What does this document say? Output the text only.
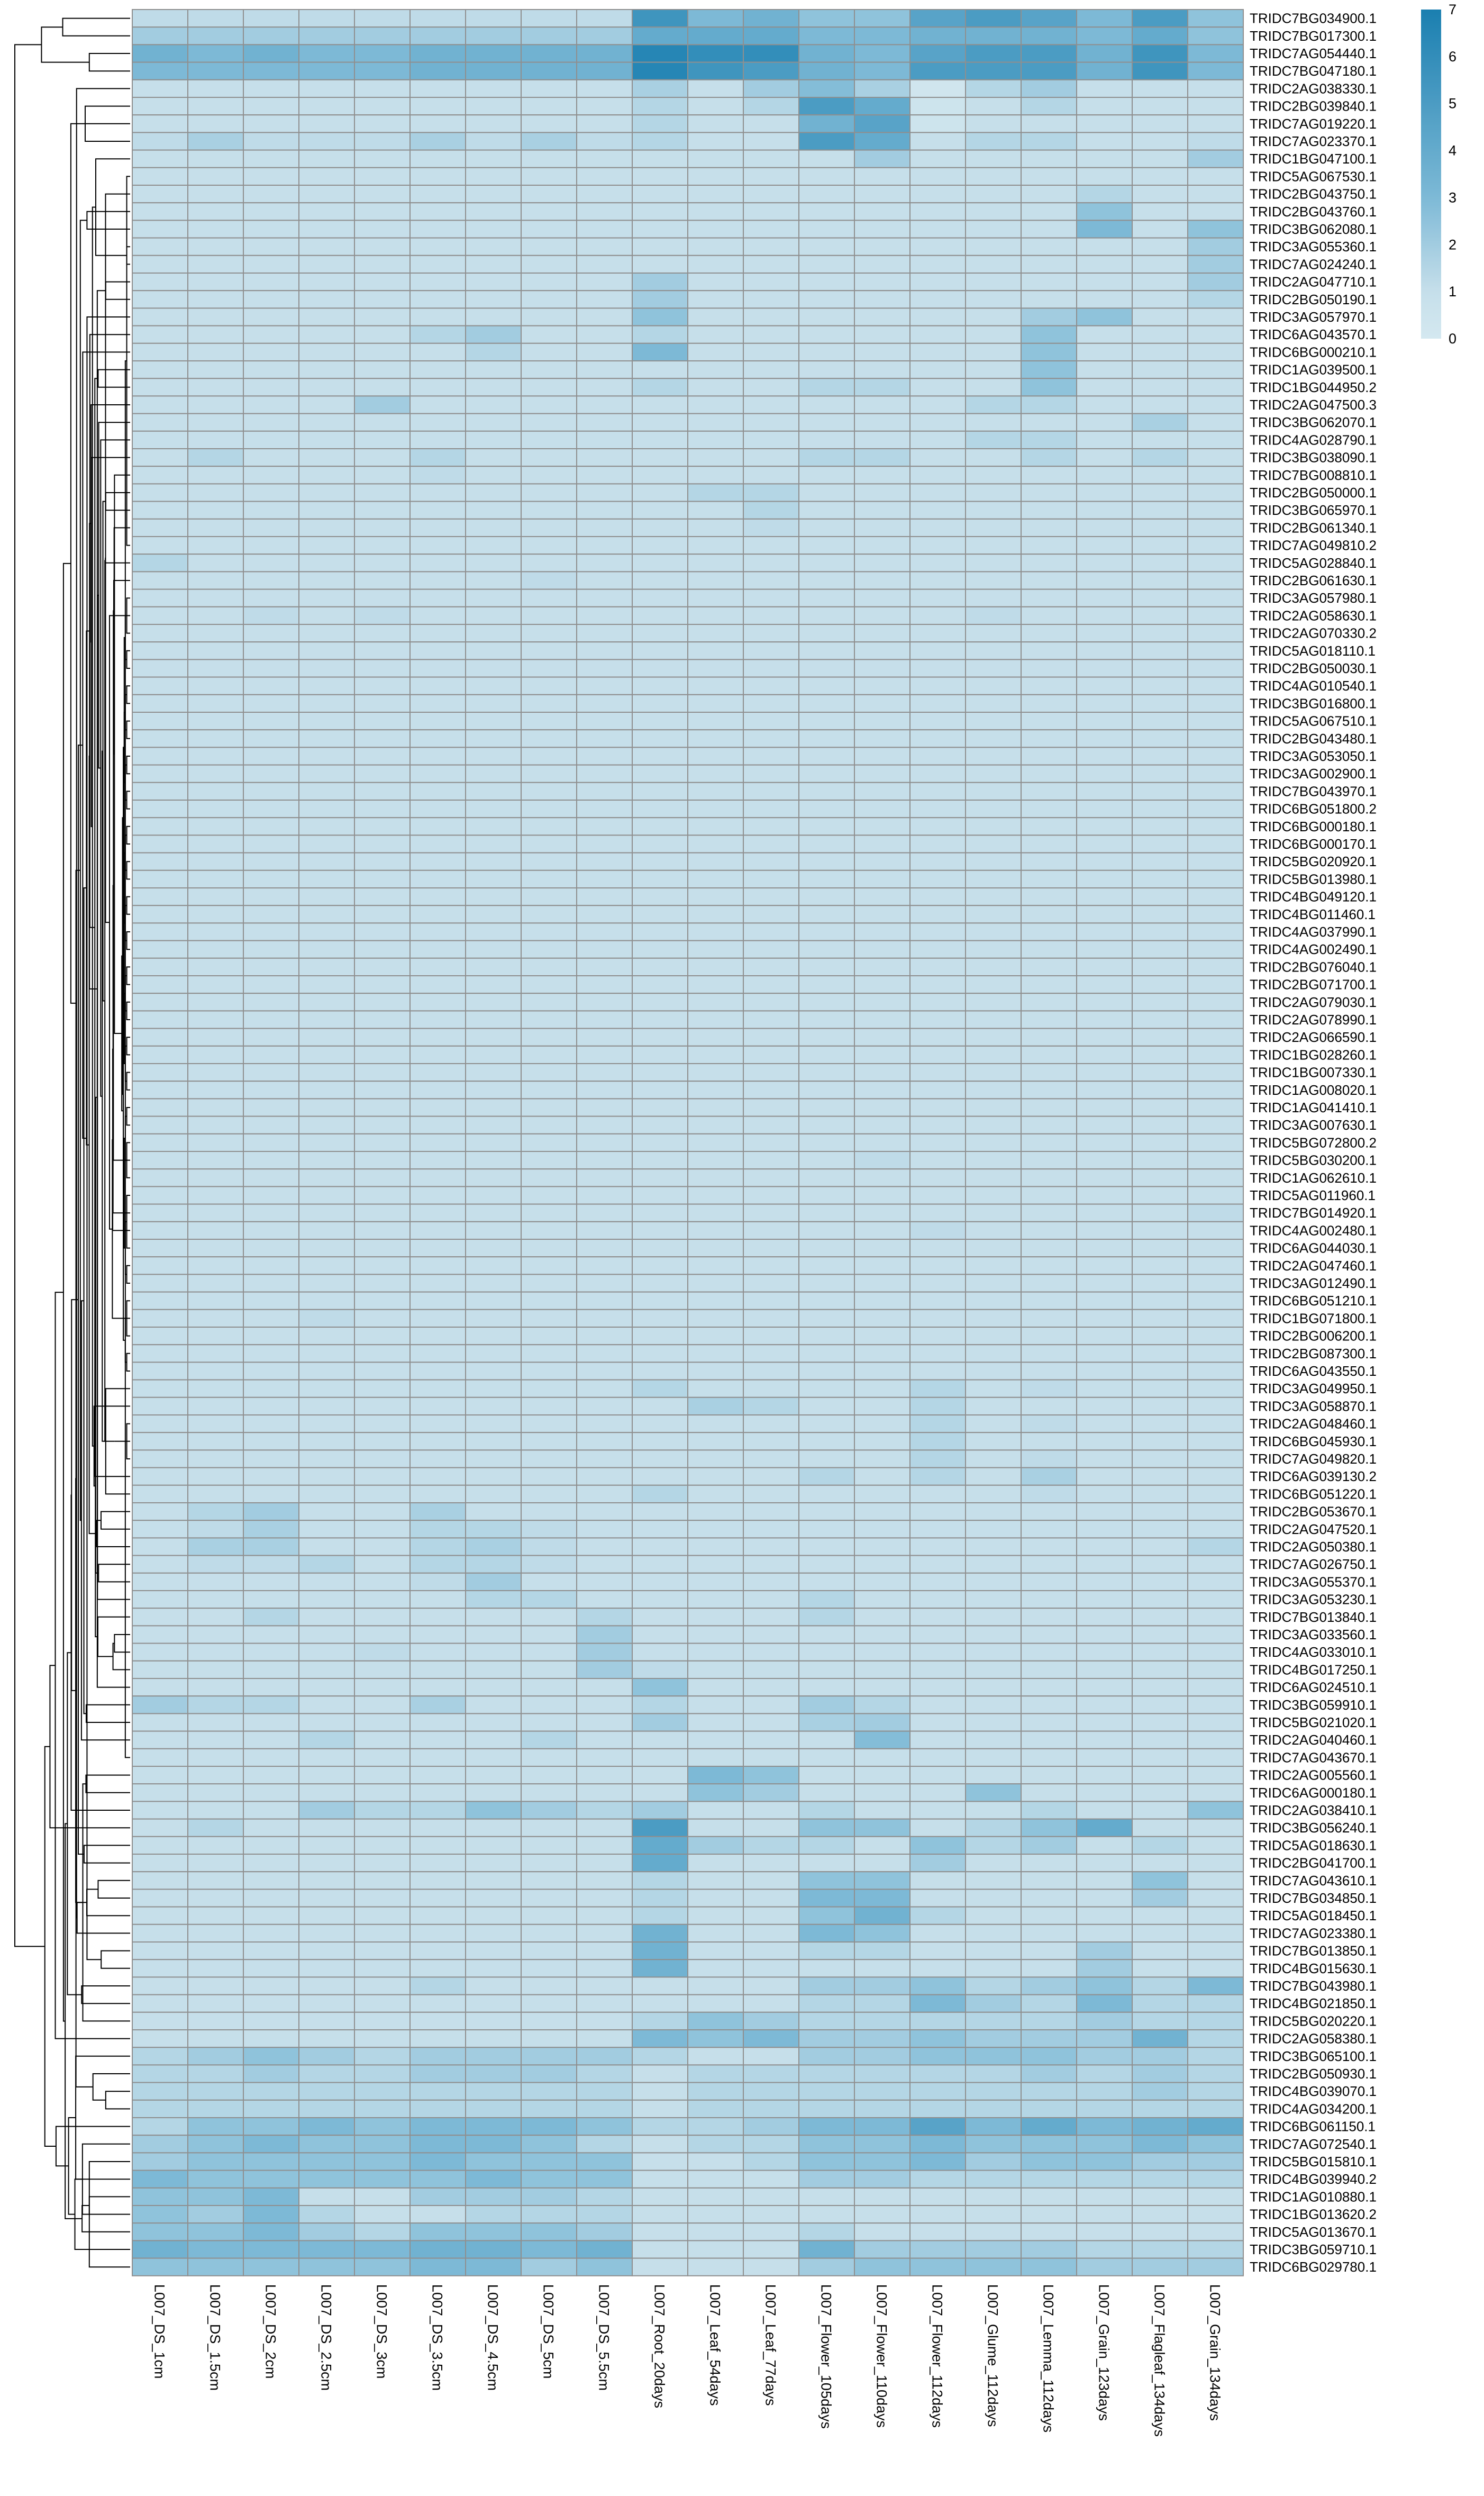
TRIDC7BG034900.1
TRIDC7BG017300.1
TRIDC7AG054440.1
TRIDC7BG047180.1
TRIDC2AG038330.1
TRIDC2BG039840.1
TRIDC7AG019220.1
TRIDC7AG023370.1
TRIDC1BG047100.1
TRIDC5AG067530.1
TRIDC2BG043750.1
TRIDC2BG043760.1
TRIDC3BG062080.1
TRIDC3AG055360.1
TRIDC7AG024240.1
TRIDC2AG047710.1
TRIDC2BG050190.1
TRIDC3AG057970.1
TRIDC6AG043570.1
TRIDC6BG000210.1
TRIDC1AG039500.1
TRIDC1BG044950.2
TRIDC2AG047500.3
TRIDC3BG062070.1
TRIDC4AG028790.1
TRIDC3BG038090.1
TRIDC7BG008810.1
TRIDC2BG050000.1
TRIDC3BG065970.1
TRIDC2BG061340.1
TRIDC7AG049810.2
TRIDC5AG028840.1
TRIDC2BG061630.1
TRIDC3AG057980.1
TRIDC2AG058630.1
TRIDC2AG070330.2
TRIDC5AG018110.1
TRIDC2BG050030.1
TRIDC4AG010540.1
TRIDC3BG016800.1
TRIDC5AG067510.1
TRIDC2BG043480.1
TRIDC3AG053050.1
TRIDC3AG002900.1
TRIDC7BG043970.1
TRIDC6BG051800.2
TRIDC6BG000180.1
TRIDC6BG000170.1
TRIDC5BG020920.1
TRIDC5BG013980.1
TRIDC4BG049120.1
TRIDC4BG011460.1
TRIDC4AG037990.1
TRIDC4AG002490.1
TRIDC2BG076040.1
TRIDC2BG071700.1
TRIDC2AG079030.1
TRIDC2AG078990.1
TRIDC2AG066590.1
TRIDC1BG028260.1
TRIDC1BG007330.1
TRIDC1AG008020.1
TRIDC1AG041410.1
TRIDC3AG007630.1
TRIDC5BG072800.2
TRIDC5BG030200.1
TRIDC1AG062610.1
TRIDC5AG011960.1
TRIDC7BG014920.1
TRIDC4AG002480.1
TRIDC6AG044030.1
TRIDC2AG047460.1
TRIDC3AG012490.1
TRIDC6BG051210.1
TRIDC1BG071800.1
TRIDC2BG006200.1
TRIDC2BG087300.1
TRIDC6AG043550.1
TRIDC3AG049950.1
TRIDC3AG058870.1
TRIDC2AG048460.1
TRIDC6BG045930.1
TRIDC7AG049820.1
TRIDC6AG039130.2
TRIDC6BG051220.1
TRIDC2BG053670.1
TRIDC2AG047520.1
TRIDC2AG050380.1
TRIDC7AG026750.1
TRIDC3AG055370.1
TRIDC3AG053230.1
TRIDC7BG013840.1
TRIDC3AG033560.1
TRIDC4AG033010.1
TRIDC4BG017250.1
TRIDC6AG024510.1
TRIDC3BG059910.1
TRIDC5BG021020.1
TRIDC2AG040460.1
TRIDC7AG043670.1
TRIDC2AG005560.1
TRIDC6AG000180.1
TRIDC2AG038410.1
TRIDC3BG056240.1
TRIDC5AG018630.1
TRIDC2BG041700.1
TRIDC7AG043610.1
TRIDC7BG034850.1
TRIDC5AG018450.1
TRIDC7AG023380.1
TRIDC7BG013850.1
TRIDC4BG015630.1
TRIDC7BG043980.1
TRIDC4BG021850.1
TRIDC5BG020220.1
TRIDC2AG058380.1
TRIDC3BG065100.1
TRIDC2BG050930.1
TRIDC4BG039070.1
TRIDC4AG034200.1
TRIDC6BG061150.1
TRIDC7AG072540.1
TRIDC5BG015810.1
TRIDC4BG039940.2
TRIDC1AG010880.1
TRIDC1BG013620.2
TRIDC5AG013670.1
TRIDC3BG059710.1
TRIDC6BG029780.1
L007_DS_1cm	L007_DS_1.5cm	L007_DS_2cm	L007_DS_2.5cm	L007_DS_3cm	L007_DS_3.5cm	L007_DS_4.5cm	L007_DS_5cm	L007_DS_5.5cm	L007_Root_20days	L007_Leaf_54days	L007_Leaf_77days	L007_Flower_105days	L007_Flower_110days	L007_Flower_112days	L007_Glume_112days	L007_Lemma_112days	L007_Grain_123days	L007_Flagleaf_134days	L007_Grain_134days
0
1
2
3
4
5
6
7
